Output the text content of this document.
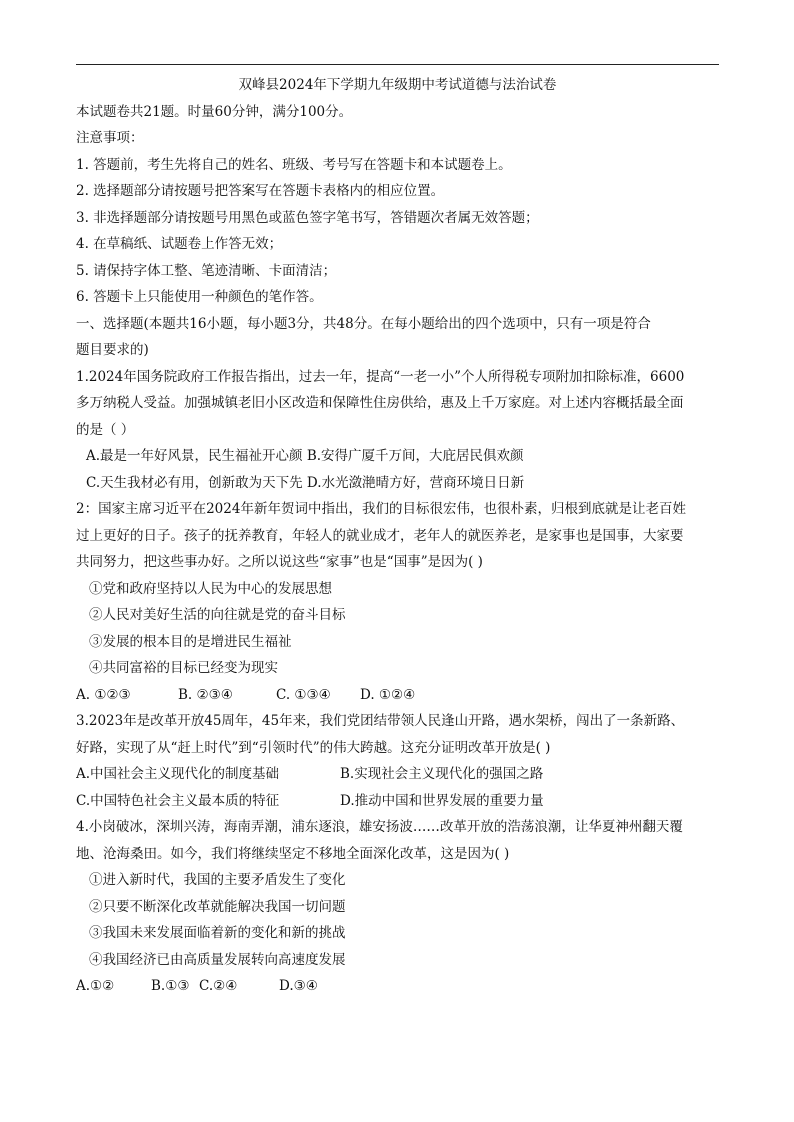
双峰县2024年下学期九年级期中考试道德与法治试卷
本试题卷共21题。时量60分钟，满分100分。
注意事项：
1. 答题前，考生先将自己的姓名、班级、考号写在答题卡和本试题卷上。
2. 选择题部分请按题号把答案写在答题卡表格内的相应位置。
3. 非选择题部分请按题号用黑色或蓝色签字笔书写，答错题次者属无效答题；
4. 在草稿纸、试题卷上作答无效；
5. 请保持字体工整、笔迹清晰、卡面清洁；
6. 答题卡上只能使用一种颜色的笔作答。
一、选择题(本题共16小题，每小题3分，共48分。在每小题给出的四个选项中，只有一项是符合
题目要求的)
1.2024年国务院政府工作报告指出，过去一年，提高“一老一小”个人所得税专项附加扣除标准，6600
多万纳税人受益。加强城镇老旧小区改造和保障性住房供给，惠及上千万家庭。对上述内容概括最全面
的是（ ）
A.最是一年好风景，民生福祉开心颜 B.安得广厦千万间，大庇居民俱欢颜
C.天生我材必有用，创新敢为天下先 D.水光潋滟晴方好，营商环境日日新
2：国家主席习近平在2024年新年贺词中指出，我们的目标很宏伟，也很朴素，归根到底就是让老百姓
过上更好的日子。孩子的抚养教育，年轻人的就业成才，老年人的就医养老，是家事也是国事，大家要
共同努力，把这些事办好。之所以说这些“家事”也是“国事”是因为( )
①党和政府坚持以人民为中心的发展思想
②人民对美好生活的向往就是党的奋斗目标
③发展的根本目的是增进民生福祉
④共同富裕的目标已经变为现实
A. ①②③	B. ②③④	C. ①③④ D. ①②④
3.2023年是改革开放45周年，45年来，我们党团结带领人民逢山开路，遇水架桥，闯出了一条新路、
好路，实现了从“赶上时代”到“引领时代”的伟大跨越。这充分证明改革开放是( )
A.中国社会主义现代化的制度基础	B.实现社会主义现代化的强国之路
C.中国特色社会主义最本质的特征	D.推动中国和世界发展的重要力量
4.小岗破冰，深圳兴涛，海南弄潮，浦东逐浪，雄安扬波……改革开放的浩荡浪潮，让华夏神州翻天覆
地、沧海桑田。如今，我们将继续坚定不移地全面深化改革，这是因为( )
①进入新时代，我国的主要矛盾发生了变化
②只要不断深化改革就能解决我国一切问题
③我国未来发展面临着新的变化和新的挑战
④我国经济已由高质量发展转向高速度发展
A.①②	B.①③ C.②④	D.③④
